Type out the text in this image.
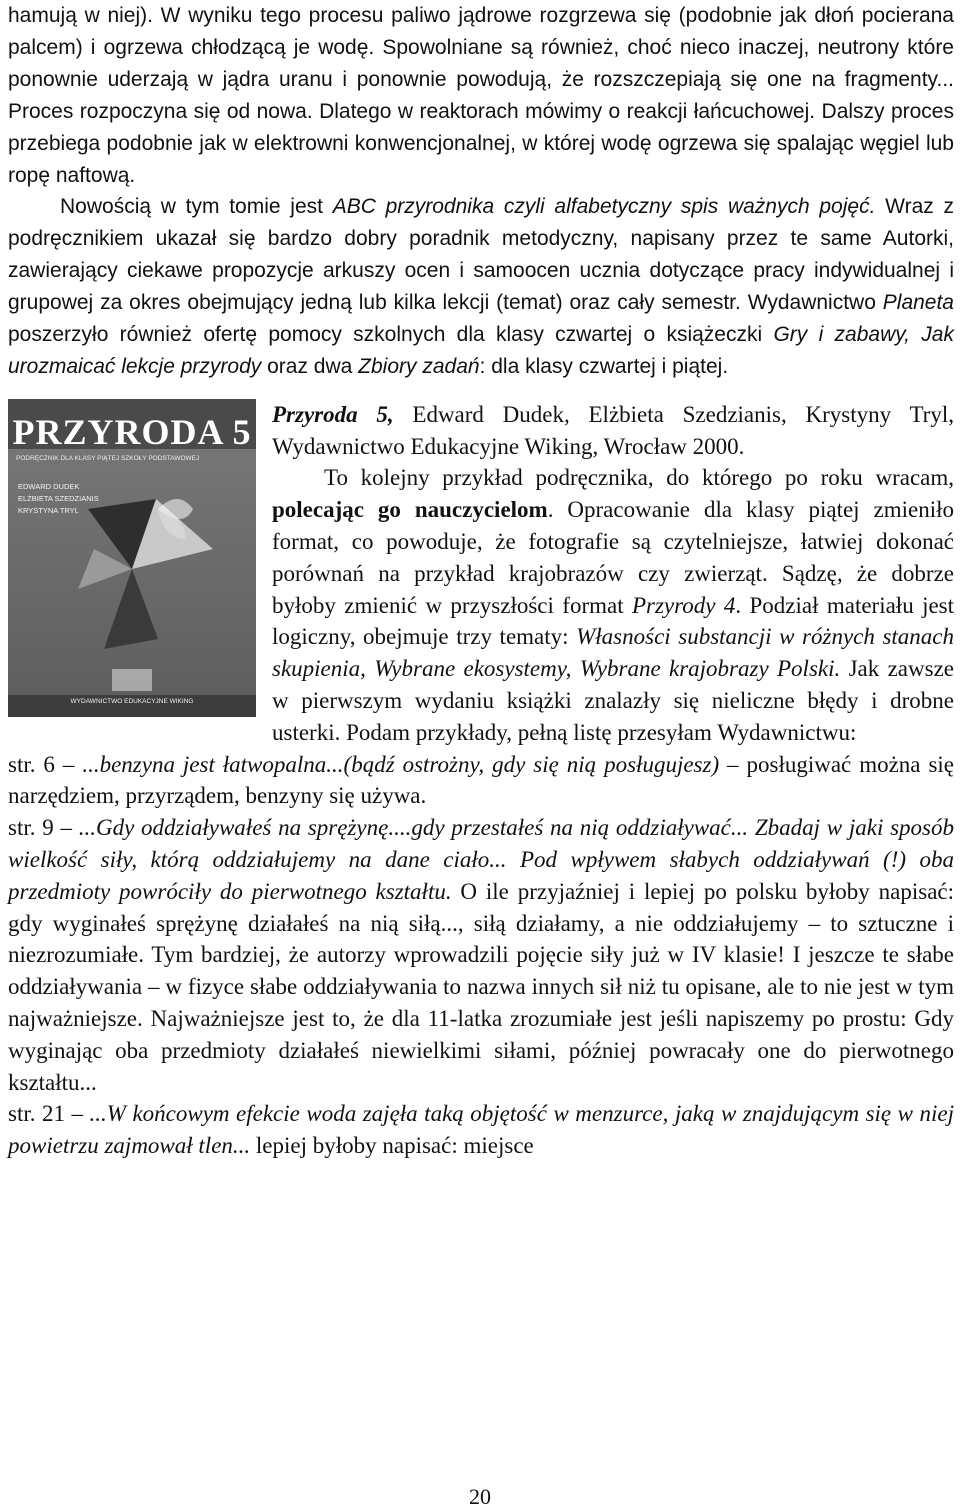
hamują w niej). W wyniku tego procesu paliwo jądrowe rozgrzewa się (podobnie jak dłoń pocierana palcem) i ogrzewa chłodzącą je wodę. Spowolniane są również, choć nieco inaczej, neutrony które ponownie uderzają w jądra uranu i ponownie powodują, że rozszczepiają się one na fragmenty... Proces rozpoczyna się od nowa. Dlatego w reaktorach mówimy o reakcji łańcuchowej. Dalszy proces przebiega podobnie jak w elektrowni konwencjonalnej, w której wodę ogrzewa się spalając węgiel lub ropę naftową.

Nowością w tym tomie jest ABC przyrodnika czyli alfabetyczny spis ważnych pojęć. Wraz z podręcznikiem ukazał się bardzo dobry poradnik metodyczny, napisany przez te same Autorki, zawierający ciekawe propozycje arkuszy ocen i samoocen ucznia dotyczące pracy indywidualnej i grupowej za okres obejmujący jedną lub kilka lekcji (temat) oraz cały semestr. Wydawnictwo Planeta poszerzyło również ofertę pomocy szkolnych dla klasy czwartej o książeczki Gry i zabawy, Jak urozmaicać lekcje przyrody oraz dwa Zbiory zadań: dla klasy czwartej i piątej.

PRZYRODA 5
PODRĘCZNIK DLA KLASY PIĄTEJ SZKOŁY PODSTAWOWEJ
EDWARD DUDEK
ELŻBIETA SZEDZIANIS
KRYSTYNA TRYL
WYDAWNICTWO EDUKACYJNE WIKING

Przyroda 5, Edward Dudek, Elżbieta Szedzianis, Krystyny Tryl, Wydawnictwo Edukacyjne Wiking, Wrocław 2000.

To kolejny przykład podręcznika, do którego po roku wracam, polecając go nauczycielom. Opracowanie dla klasy piątej zmieniło format, co powoduje, że fotografie są czytelniejsze, łatwiej dokonać porównań na przykład krajobrazów czy zwierząt. Sądzę, że dobrze byłoby zmienić w przyszłości format Przyrody 4. Podział materiału jest logiczny, obejmuje trzy tematy: Własności substancji w różnych stanach skupienia, Wybrane ekosystemy, Wybrane krajobrazy Polski. Jak zawsze w pierwszym wydaniu książki znalazły się nieliczne błędy i drobne usterki. Podam przykłady, pełną listę przesyłam Wydawnictwu:

str. 6 – ...benzyna jest łatwopalna...(bądź ostrożny, gdy się nią posługujesz) – posługiwać można się narzędziem, przyrządem, benzyny się używa.

str. 9 – ...Gdy oddziaływałeś na sprężynę....gdy przestałeś na nią oddziaływać... Zbadaj w jaki sposób wielkość siły, którą oddziałujemy na dane ciało... Pod wpływem słabych oddziaływań (!) oba przedmioty powróciły do pierwotnego kształtu. O ile przyjaźniej i lepiej po polsku byłoby napisać: gdy wyginałeś sprężynę działałeś na nią siłą..., siłą działamy, a nie oddziałujemy – to sztuczne i niezrozumiałe. Tym bardziej, że autorzy wprowadzili pojęcie siły już w IV klasie! I jeszcze te słabe oddziaływania – w fizyce słabe oddziaływania to nazwa innych sił niż tu opisane, ale to nie jest w tym najważniejsze. Najważniejsze jest to, że dla 11-latka zrozumiałe jest jeśli napiszemy po prostu: Gdy wyginając oba przedmioty działałeś niewielkimi siłami, później powracały one do pierwotnego kształtu...

str. 21 – ...W końcowym efekcie woda zajęła taką objętość w menzurce, jaką w znajdującym się w niej powietrzu zajmował tlen... lepiej byłoby napisać: miejsce

20
